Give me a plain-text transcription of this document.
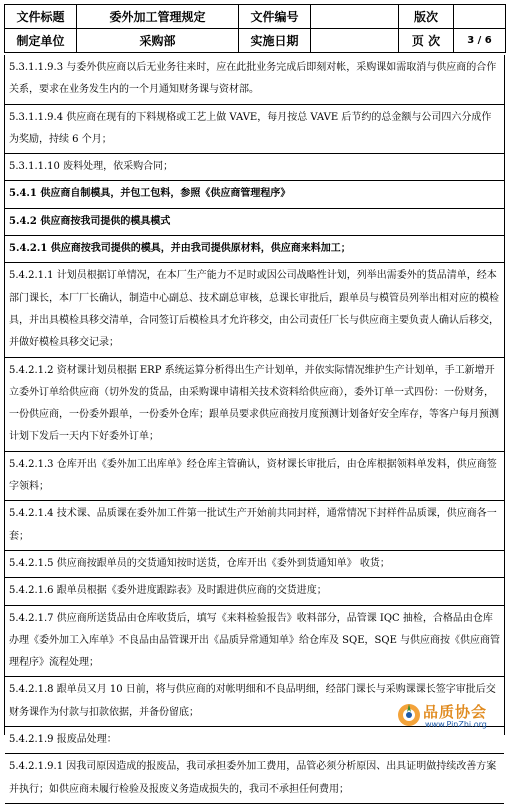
文件标题	委外加工管理规定	文件编号		版次	
制定单位	采购部	实施日期		页 次	3 / 6
5.3.1.1.9.3 与委外供应商以后无业务往来时，应在此批业务完成后即刻对帐，采购课如需取消与供应商的合作关系，要求在业务发生内的一个月通知财务课与资材部。
5.3.1.1.9.4 供应商在现有的下料规格或工艺上做 VAVE，每月按总 VAVE 后节约的总金额与公司四六分成作为奖励，持续 6 个月；
5.3.1.1.10 废料处理，依采购合同；
5.4.1 供应商自制模具，并包工包料，参照《供应商管理程序》
5.4.2 供应商按我司提供的模具模式
5.4.2.1 供应商按我司提供的模具，并由我司提供原材料，供应商来料加工；
5.4.2.1.1 计划员根据订单情况，在本厂生产能力不足时或因公司战略性计划，列举出需委外的货品清单，经本部门课长，本厂厂长确认，制造中心副总、技术副总审核，总课长审批后，跟单员与模管员列举出相对应的模检具，并出具模检具移交清单，合同签订后模检具才允许移交，由公司责任厂长与供应商主要负责人确认后移交，并做好模检具移交记录；
5.4.2.1.2 资材课计划员根据 ERP 系统运算分析得出生产计划单，并依实际情况维护生产计划单，手工新增开立委外订单给供应商（切外发的货品，由采购课申请相关技术资料给供应商），委外订单一式四份：一份财务，一份供应商，一份委外跟单，一份委外仓库；跟单员要求供应商按月度预测计划备好安全库存，等客户每月预测计划下发后一天内下好委外订单；
5.4.2.1.3 仓库开出《委外加工出库单》经仓库主管确认，资材课长审批后，由仓库根据领料单发料，供应商签字领料；
5.4.2.1.4 技术课、品质课在委外加工件第一批试生产开始前共同封样，通常情况下封样件品质课，供应商各一套；
5.4.2.1.5 供应商按跟单员的交货通知按时送货，仓库开出《委外到货通知单》 收货；
5.4.2.1.6 跟单员根据《委外进度跟踪表》及时跟进供应商的交货进度；
5.4.2.1.7 供应商所送货品由仓库收货后，填写《来料检验报告》收料部分，品管课 IQC 抽检，合格品由仓库办理《委外加工入库单》不良品由品管课开出《品质异常通知单》给仓库及 SQE，SQE 与供应商按《供应商管理程序》流程处理；
5.4.2.1.8 跟单员又月 10 日前，将与供应商的对帐明细和不良品明细，经部门课长与采购课课长签字审批后交财务课作为付款与扣款依据，并备份留底；
5.4.2.1.9 报废品处理：
5.4.2.1.9.1 因我司原因造成的报废品，我司承担委外加工费用，品管必须分析原因、出具证明做持续改善方案并执行；如供应商未履行检验及报废义务造成损失的，我司不承担任何费用；
品质协会
www.PinZhi.org
